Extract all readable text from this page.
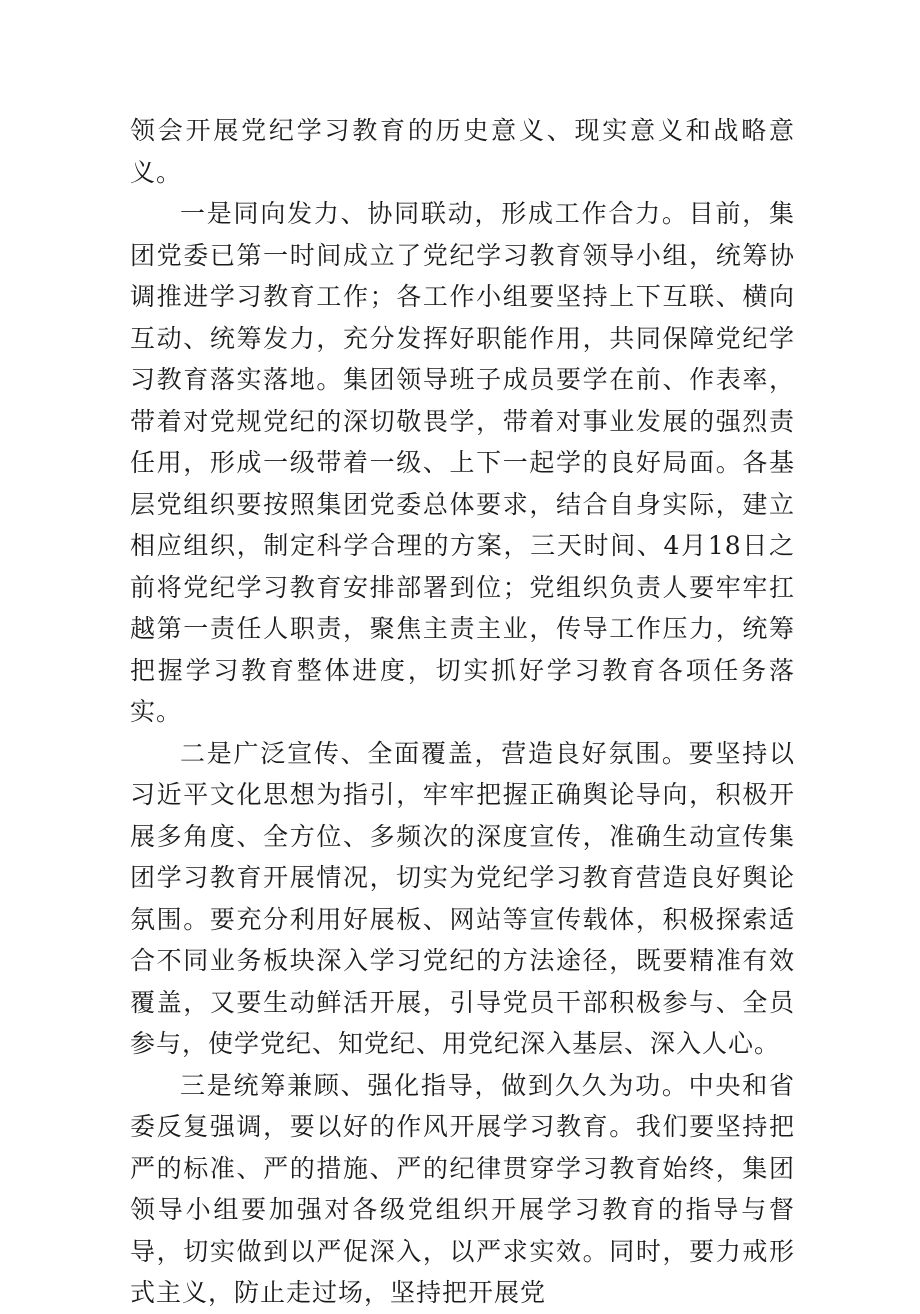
领会开展党纪学习教育的历史意义、现实意义和战略意义。

一是同向发力、协同联动，形成工作合力。目前，集团党委已第一时间成立了党纪学习教育领导小组，统筹协调推进学习教育工作；各工作小组要坚持上下互联、横向互动、统筹发力，充分发挥好职能作用，共同保障党纪学习教育落实落地。集团领导班子成员要学在前、作表率，带着对党规党纪的深切敬畏学，带着对事业发展的强烈责任用，形成一级带着一级、上下一起学的良好局面。各基层党组织要按照集团党委总体要求，结合自身实际，建立相应组织，制定科学合理的方案，三天时间、4月18日之前将党纪学习教育安排部署到位；党组织负责人要牢牢扛越第一责任人职责，聚焦主责主业，传导工作压力，统筹把握学习教育整体进度，切实抓好学习教育各项任务落实。

二是广泛宣传、全面覆盖，营造良好氛围。要坚持以习近平文化思想为指引，牢牢把握正确舆论导向，积极开展多角度、全方位、多频次的深度宣传，准确生动宣传集团学习教育开展情况，切实为党纪学习教育营造良好舆论氛围。要充分利用好展板、网站等宣传载体，积极探索适合不同业务板块深入学习党纪的方法途径，既要精准有效覆盖，又要生动鲜活开展，引导党员干部积极参与、全员参与，使学党纪、知党纪、用党纪深入基层、深入人心。

三是统筹兼顾、强化指导，做到久久为功。中央和省委反复强调，要以好的作风开展学习教育。我们要坚持把严的标准、严的措施、严的纪律贯穿学习教育始终，集团领导小组要加强对各级党组织开展学习教育的指导与督导，切实做到以严促深入，以严求实效。同时，要力戒形式主义，防止走过场，坚持把开展党
